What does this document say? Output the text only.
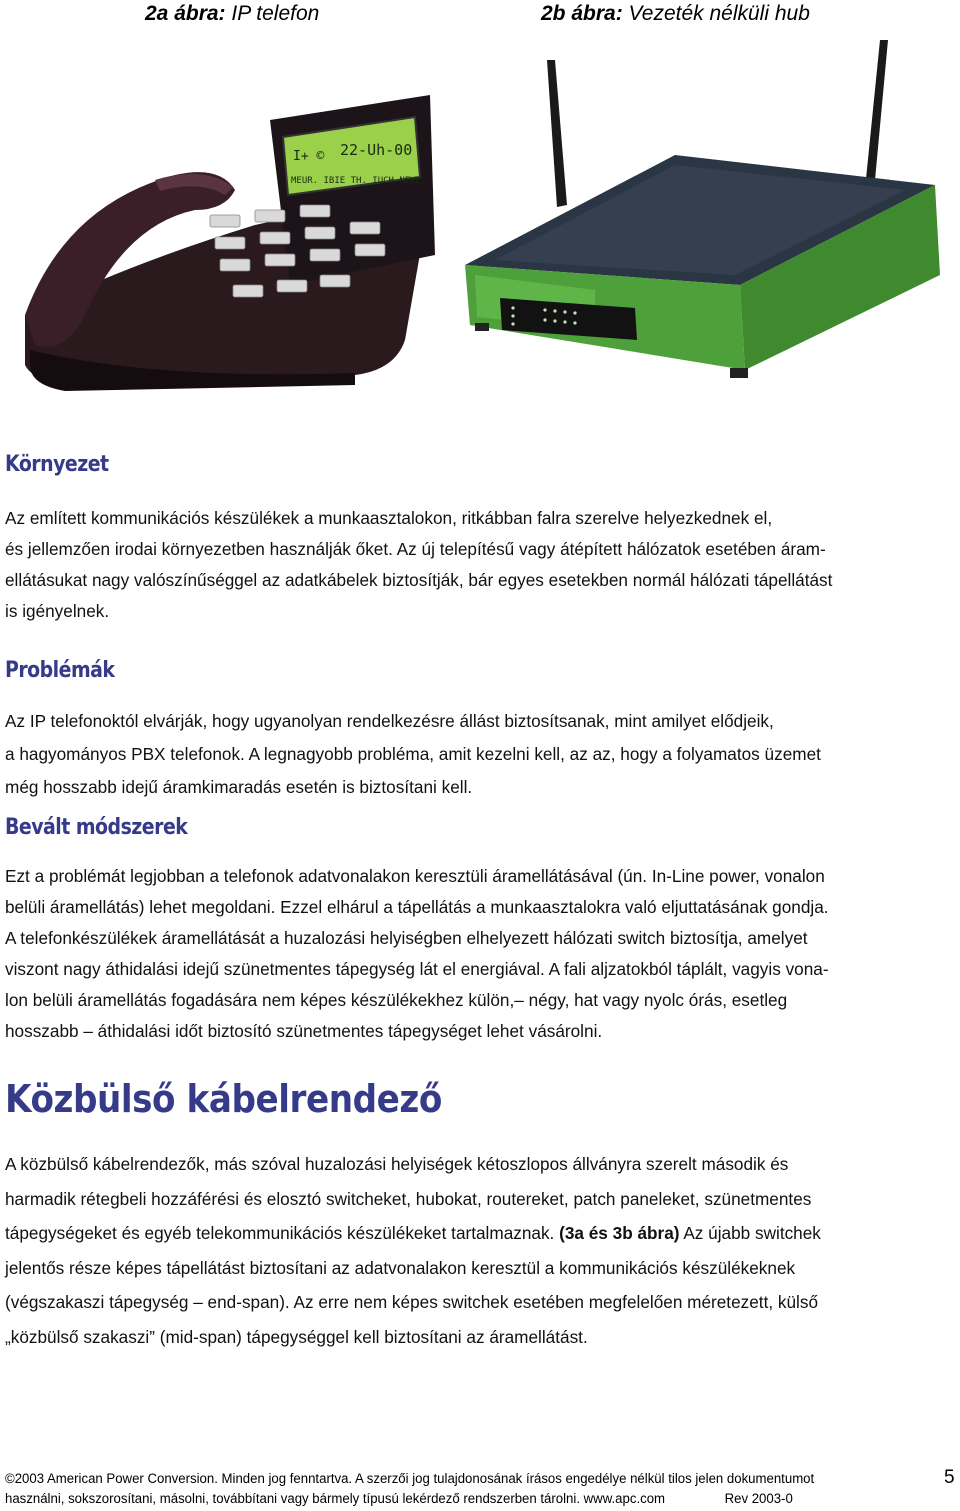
2a ábra: IP telefon	2b ábra: Vezeték nélküli hub
I+ © 22-Uh-00
MEUR. IBIE TH. IUCH NEWE
Környezet
Az említett kommunikációs készülékek a munkaasztalokon, ritkábban falra szerelve helyezkednek el,
és jellemzően irodai környezetben használják őket. Az új telepítésű vagy átépített hálózatok esetében áram-
ellátásukat nagy valószínűséggel az adatkábelek biztosítják, bár egyes esetekben normál hálózati tápellátást
is igényelnek.
Problémák
Az IP telefonoktól elvárják, hogy ugyanolyan rendelkezésre állást biztosítsanak, mint amilyet elődjeik,
a hagyományos PBX telefonok. A legnagyobb probléma, amit kezelni kell, az az, hogy a folyamatos üzemet
még hosszabb idejű áramkimaradás esetén is biztosítani kell.
Bevált módszerek
Ezt a problémát legjobban a telefonok adatvonalakon keresztüli áramellátásával (ún. In-Line power, vonalon
belüli áramellátás) lehet megoldani. Ezzel elhárul a tápellátás a munkaasztalokra való eljuttatásának gondja.
A telefonkészülékek áramellátását a huzalozási helyiségben elhelyezett hálózati switch biztosítja, amelyet
viszont nagy áthidalási idejű szünetmentes tápegység lát el energiával. A fali aljzatokból táplált, vagyis vona-
lon belüli áramellátás fogadására nem képes készülékekhez külön,– négy, hat vagy nyolc órás, esetleg
hosszabb – áthidalási időt biztosító szünetmentes tápegységet lehet vásárolni.
Közbülső kábelrendező
A közbülső kábelrendezők, más szóval huzalozási helyiségek kétoszlopos állványra szerelt második és
harmadik rétegbeli hozzáférési és elosztó switcheket, hubokat, routereket, patch paneleket, szünetmentes
tápegységeket és egyéb telekommunikációs készülékeket tartalmaznak. (3a és 3b ábra) Az újabb switchek
jelentős része képes tápellátást biztosítani az adatvonalakon keresztül a kommunikációs készülékeknek
(végszakaszi tápegység – end-span). Az erre nem képes switchek esetében megfelelően méretezett, külső
„közbülső szakaszi” (mid-span) tápegységgel kell biztosítani az áramellátást.
©2003 American Power Conversion. Minden jog fenntartva. A szerzői jog tulajdonosának írásos engedélye nélkül tilos jelen dokumentumot
használni, sokszorosítani, másolni, továbbítani vagy bármely típusú lekérdező rendszerben tárolni. www.apc.com	Rev 2003-0
5
